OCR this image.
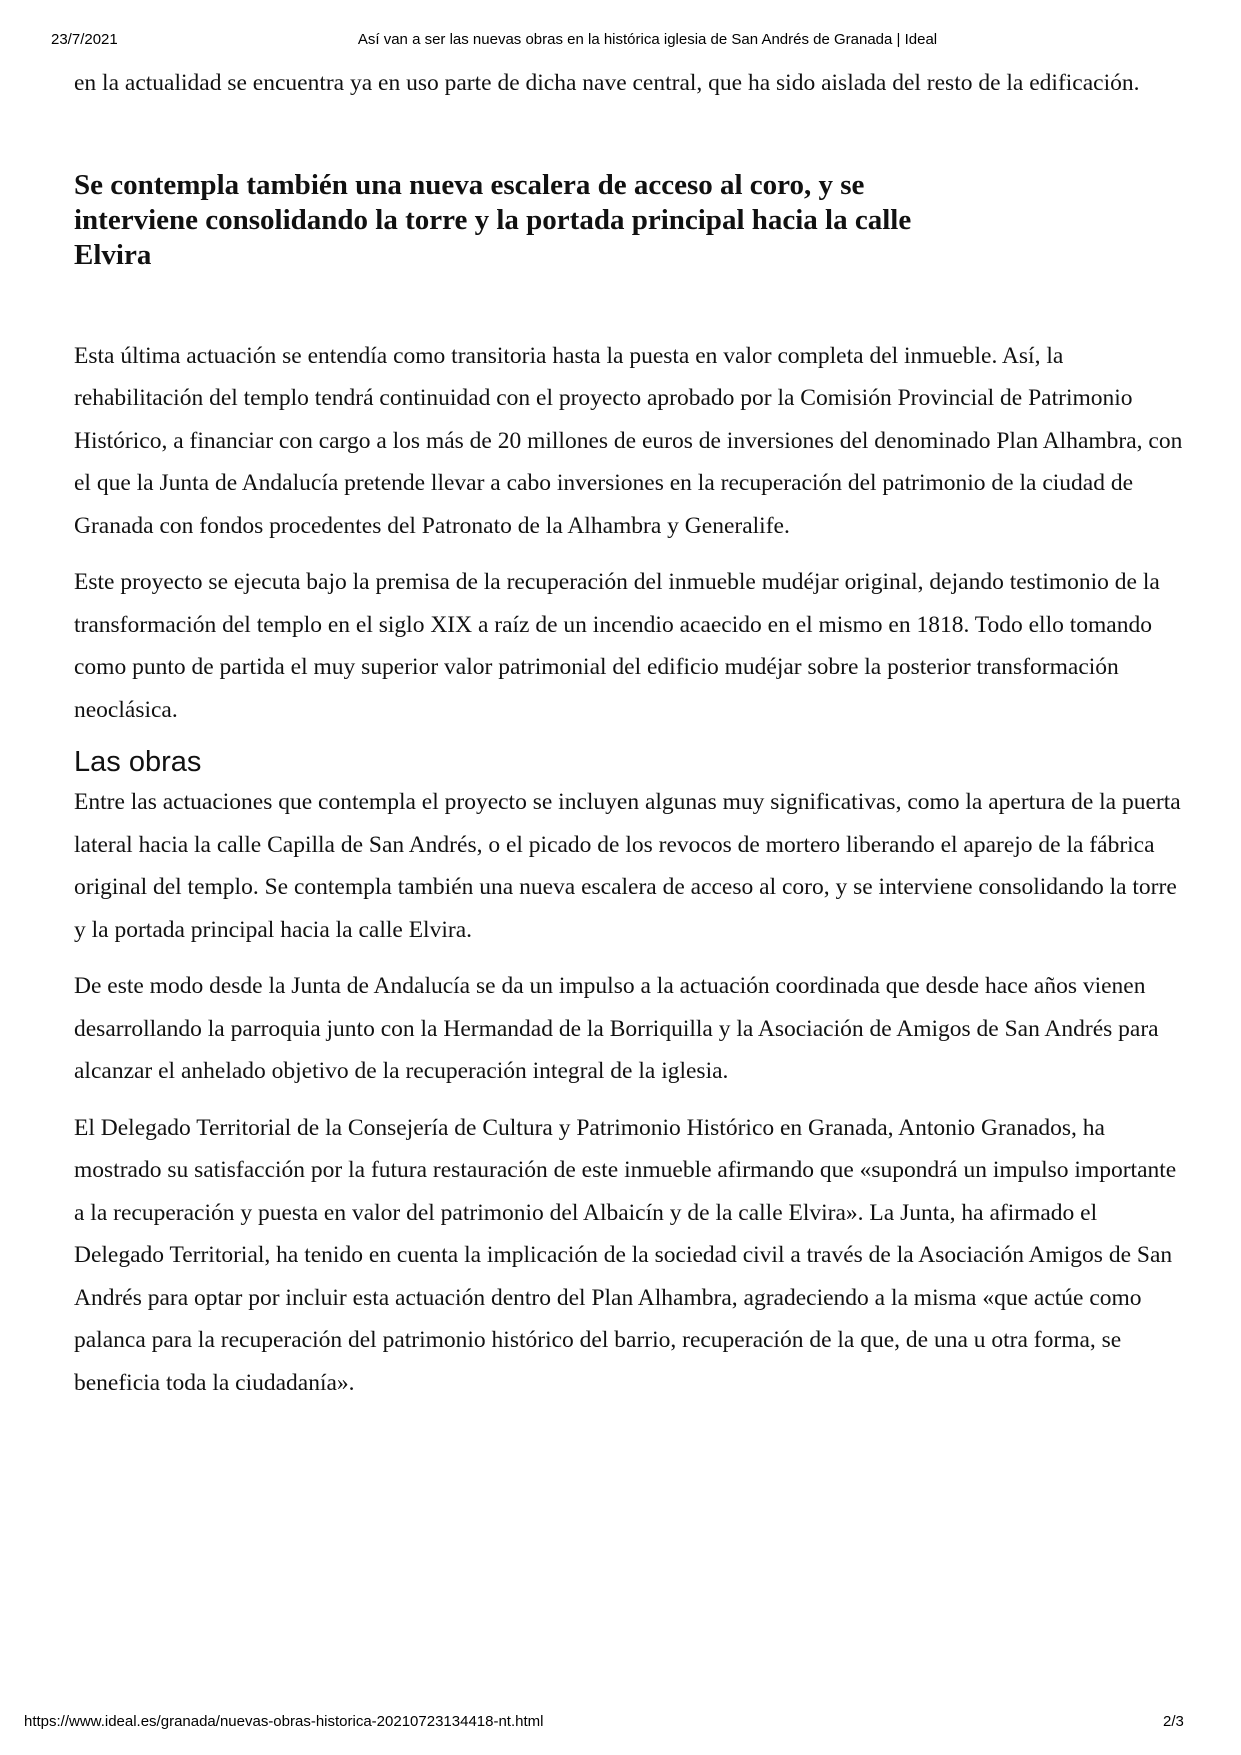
23/7/2021	Así van a ser las nuevas obras en la histórica iglesia de San Andrés de Granada | Ideal

en la actualidad se encuentra ya en uso parte de dicha nave central, que ha sido aislada del resto de la edificación.

Se contempla también una nueva escalera de acceso al coro, y se interviene consolidando la torre y la portada principal hacia la calle Elvira

Esta última actuación se entendía como transitoria hasta la puesta en valor completa del inmueble. Así, la rehabilitación del templo tendrá continuidad con el proyecto aprobado por la Comisión Provincial de Patrimonio Histórico, a financiar con cargo a los más de 20 millones de euros de inversiones del denominado Plan Alhambra, con el que la Junta de Andalucía pretende llevar a cabo inversiones en la recuperación del patrimonio de la ciudad de Granada con fondos procedentes del Patronato de la Alhambra y Generalife.

Este proyecto se ejecuta bajo la premisa de la recuperación del inmueble mudéjar original, dejando testimonio de la transformación del templo en el siglo XIX a raíz de un incendio acaecido en el mismo en 1818. Todo ello tomando como punto de partida el muy superior valor patrimonial del edificio mudéjar sobre la posterior transformación neoclásica.

Las obras

Entre las actuaciones que contempla el proyecto se incluyen algunas muy significativas, como la apertura de la puerta lateral hacia la calle Capilla de San Andrés, o el picado de los revocos de mortero liberando el aparejo de la fábrica original del templo. Se contempla también una nueva escalera de acceso al coro, y se interviene consolidando la torre y la portada principal hacia la calle Elvira.

De este modo desde la Junta de Andalucía se da un impulso a la actuación coordinada que desde hace años vienen desarrollando la parroquia junto con la Hermandad de la Borriquilla y la Asociación de Amigos de San Andrés para alcanzar el anhelado objetivo de la recuperación integral de la iglesia.

El Delegado Territorial de la Consejería de Cultura y Patrimonio Histórico en Granada, Antonio Granados, ha mostrado su satisfacción por la futura restauración de este inmueble afirmando que «supondrá un impulso importante a la recuperación y puesta en valor del patrimonio del Albaicín y de la calle Elvira». La Junta, ha afirmado el Delegado Territorial, ha tenido en cuenta la implicación de la sociedad civil a través de la Asociación Amigos de San Andrés para optar por incluir esta actuación dentro del Plan Alhambra, agradeciendo a la misma «que actúe como palanca para la recuperación del patrimonio histórico del barrio, recuperación de la que, de una u otra forma, se beneficia toda la ciudadanía».

https://www.ideal.es/granada/nuevas-obras-historica-20210723134418-nt.html	2/3
